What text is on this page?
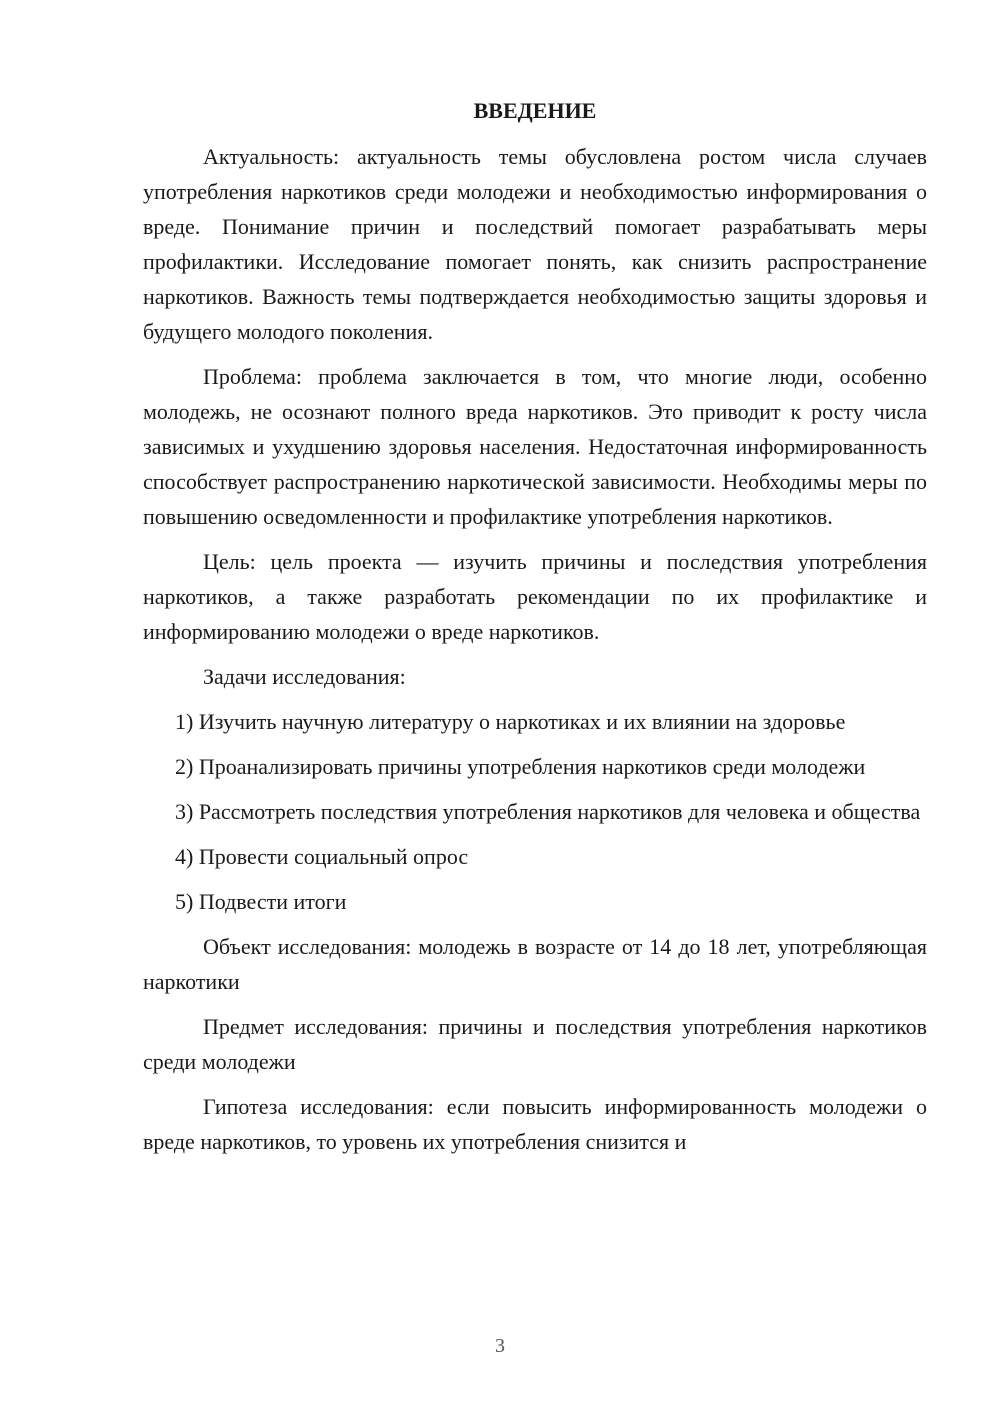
ВВЕДЕНИЕ

Актуальность: актуальность темы обусловлена ростом числа случаев употребления наркотиков среди молодежи и необходимостью информирования о вреде. Понимание причин и последствий помогает разрабатывать меры профилактики. Исследование помогает понять, как снизить распространение наркотиков. Важность темы подтверждается необходимостью защиты здоровья и будущего молодого поколения.

Проблема: проблема заключается в том, что многие люди, особенно молодежь, не осознают полного вреда наркотиков. Это приводит к росту числа зависимых и ухудшению здоровья населения. Недостаточная информированность способствует распространению наркотической зависимости. Необходимы меры по повышению осведомленности и профилактике употребления наркотиков.

Цель: цель проекта — изучить причины и последствия употребления наркотиков, а также разработать рекомендации по их профилактике и информированию молодежи о вреде наркотиков.

Задачи исследования:

1) Изучить научную литературу о наркотиках и их влиянии на здоровье

2) Проанализировать причины употребления наркотиков среди молодежи

3) Рассмотреть последствия употребления наркотиков для человека и общества

4) Провести социальный опрос

5) Подвести итоги

Объект исследования: молодежь в возрасте от 14 до 18 лет, употребляющая наркотики

Предмет исследования: причины и последствия употребления наркотиков среди молодежи

Гипотеза исследования: если повысить информированность молодежи о вреде наркотиков, то уровень их употребления снизится и

3
